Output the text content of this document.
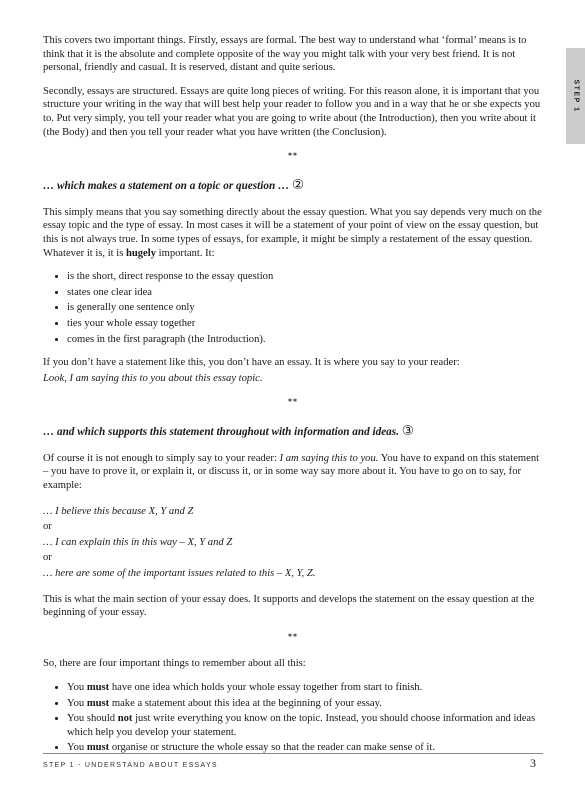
STEP 1

This covers two important things. Firstly, essays are formal. The best way to understand what ‘formal’ means is to think that it is the absolute and complete opposite of the way you might talk with your very best friend. It is not personal, friendly and casual. It is reserved, distant and quite serious.

Secondly, essays are structured. Essays are quite long pieces of writing. For this reason alone, it is important that you structure your writing in the way that will best help your reader to follow you and in a way that he or she expects you to. Put very simply, you tell your reader what you are going to write about (the Introduction), then you write about it (the Body) and then you tell your reader what you have written (the Conclusion).

**
… which makes a statement on a topic or question … ②

This simply means that you say something directly about the essay question. What you say depends very much on the essay topic and the type of essay. In most cases it will be a statement of your point of view on the essay question, but this is not always true. In some types of essays, for example, it might be simply a restatement of the essay question. Whatever it is, it is hugely important. It:

• is the short, direct response to the essay question
• states one clear idea
• is generally one sentence only
• ties your whole essay together
• comes in the first paragraph (the Introduction).

If you don’t have a statement like this, you don’t have an essay. It is where you say to your reader:

Look, I am saying this to you about this essay topic.

**
… and which supports this statement throughout with information and ideas. ③

Of course it is not enough to simply say to your reader: I am saying this to you. You have to expand on this statement – you have to prove it, or explain it, or discuss it, or in some way say more about it. You have to go on to say, for example:

… I believe this because X, Y and Z

or

… I can explain this in this way – X, Y and Z

or

… here are some of the important issues related to this – X, Y, Z.

This is what the main section of your essay does. It supports and develops the statement on the essay question at the beginning of your essay.

**

So, there are four important things to remember about all this:

• You must have one idea which holds your whole essay together from start to finish.
• You must make a statement about this idea at the beginning of your essay.
• You should not just write everything you know on the topic. Instead, you should choose information and ideas which help you develop your statement.
• You must organise or structure the whole essay so that the reader can make sense of it.
STEP 1 - UNDERSTAND ABOUT ESSAYS	3
